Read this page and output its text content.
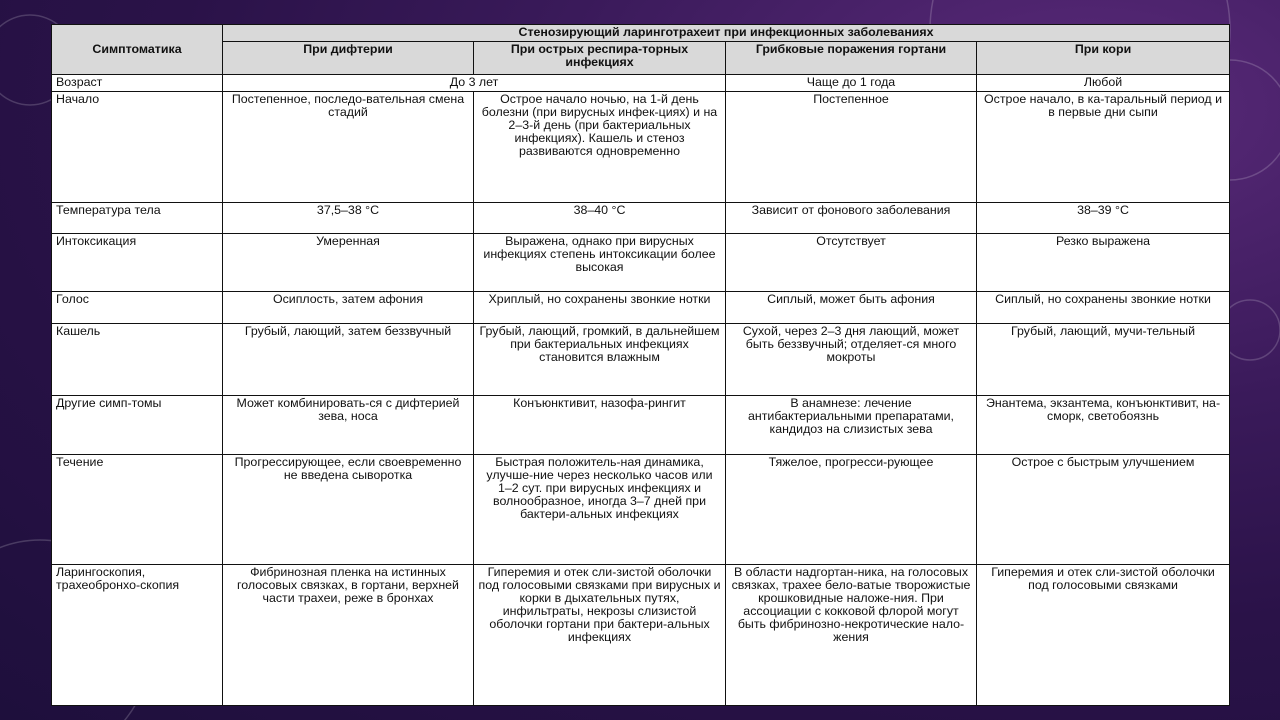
Симптоматика	Стенозирующий ларинготрахеит при инфекционных заболеваниях			
	При дифтерии	При острых респира-торных инфекциях	Грибковые поражения гортани	При кори
Возраст	До 3 лет		Чаще до 1 года	Любой
Начало	Постепенное, последо-вательная смена стадий	Острое начало ночью, на 1-й день болезни (при вирусных инфек-циях) и на 2–3-й день (при бактериальных инфекциях). Кашель и стеноз развиваются одновременно	Постепенное	Острое начало, в ка-таральный период и в первые дни сыпи
Температура тела	37,5–38 °С	38–40 °С	Зависит от фонового заболевания	38–39 °С
Интоксикация	Умеренная	Выражена, однако при вирусных инфекциях степень интоксикации более высокая	Отсутствует	Резко выражена
Голос	Осиплость, затем афония	Хриплый, но сохранены звонкие нотки	Сиплый, может быть афония	Сиплый, но сохранены звонкие нотки
Кашель	Грубый, лающий, затем беззвучный	Грубый, лающий, громкий, в дальнейшем при бактериальных инфекциях становится влажным	Сухой, через 2–3 дня лающий, может быть беззвучный; отделяет-ся много мокроты	Грубый, лающий, мучи-тельный
Другие симп-томы	Может комбинировать-ся с дифтерией зева, носа	Конъюнктивит, назофа-рингит	В анамнезе: лечение антибактериальными препаратами, кандидоз на слизистых зева	Энантема, экзантема, конъюнктивит, на-сморк, светобоязнь
Течение	Прогрессирующее, если своевременно не введена сыворотка	Быстрая положитель-ная динамика, улучше-ние через несколько часов или 1–2 сут. при вирусных инфекциях и волнообразное, иногда 3–7 дней при бактери-альных инфекциях	Тяжелое, прогресси-рующее	Острое с быстрым улучшением
Ларингоскопия, трахеобронхо-скопия	Фибринозная пленка на истинных голосовых связках, в гортани, верхней части трахеи, реже в бронхах	Гиперемия и отек сли-зистой оболочки под голосовыми связками при вирусных и корки в дыхательных путях, инфильтраты, некрозы слизистой оболочки гортани при бактери-альных инфекциях	В области надгортан-ника, на голосовых связках, трахее бело-ватые творожистые крошковидные наложе-ния. При ассоциации с кокковой флорой могут быть фибринозно-некротические нало-жения	Гиперемия и отек сли-зистой оболочки под голосовыми связками
